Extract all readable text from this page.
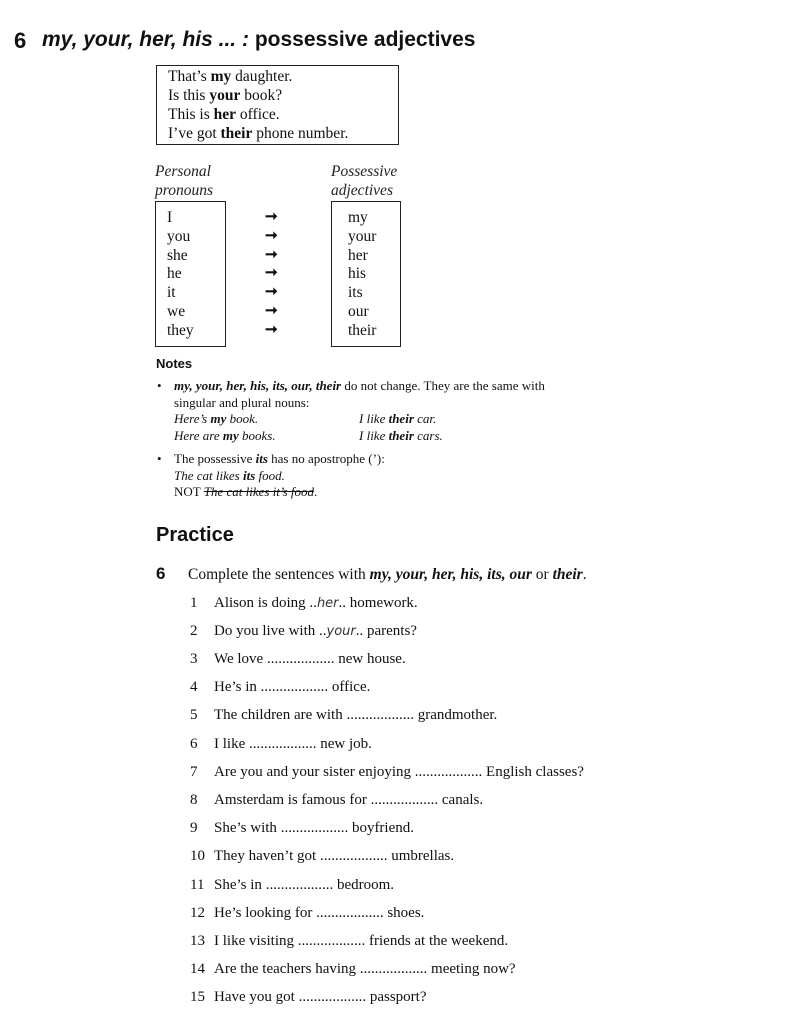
6 my, your, her, his ... : possessive adjectives
That’s my daughter.
Is this your book?
This is her office.
I’ve got their phone number.
Personal
pronouns
Possessive
adjectives
I
you
she
he
it
we
they
➞
➞
➞
➞
➞
➞
➞
my
your
her
his
its
our
their
Notes
• my, your, her, his, its, our, their do not change. They are the same with
singular and plural nouns:
Here’s my book.	I like their car.
Here are my books.	I like their cars.
• The possessive its has no apostrophe (’):
The cat likes its food.
NOT The cat likes it’s food.
Practice
6 Complete the sentences with my, your, her, his, its, our or their.
1 Alison is doing ..her.. homework.
2 Do you live with ..your.. parents?
3 We love .................. new house.
4 He’s in .................. office.
5 The children are with .................. grandmother.
6 I like .................. new job.
7 Are you and your sister enjoying .................. English classes?
8 Amsterdam is famous for .................. canals.
9 She’s with .................. boyfriend.
10 They haven’t got .................. umbrellas.
11 She’s in .................. bedroom.
12 He’s looking for .................. shoes.
13 I like visiting .................. friends at the weekend.
14 Are the teachers having .................. meeting now?
15 Have you got .................. passport?
